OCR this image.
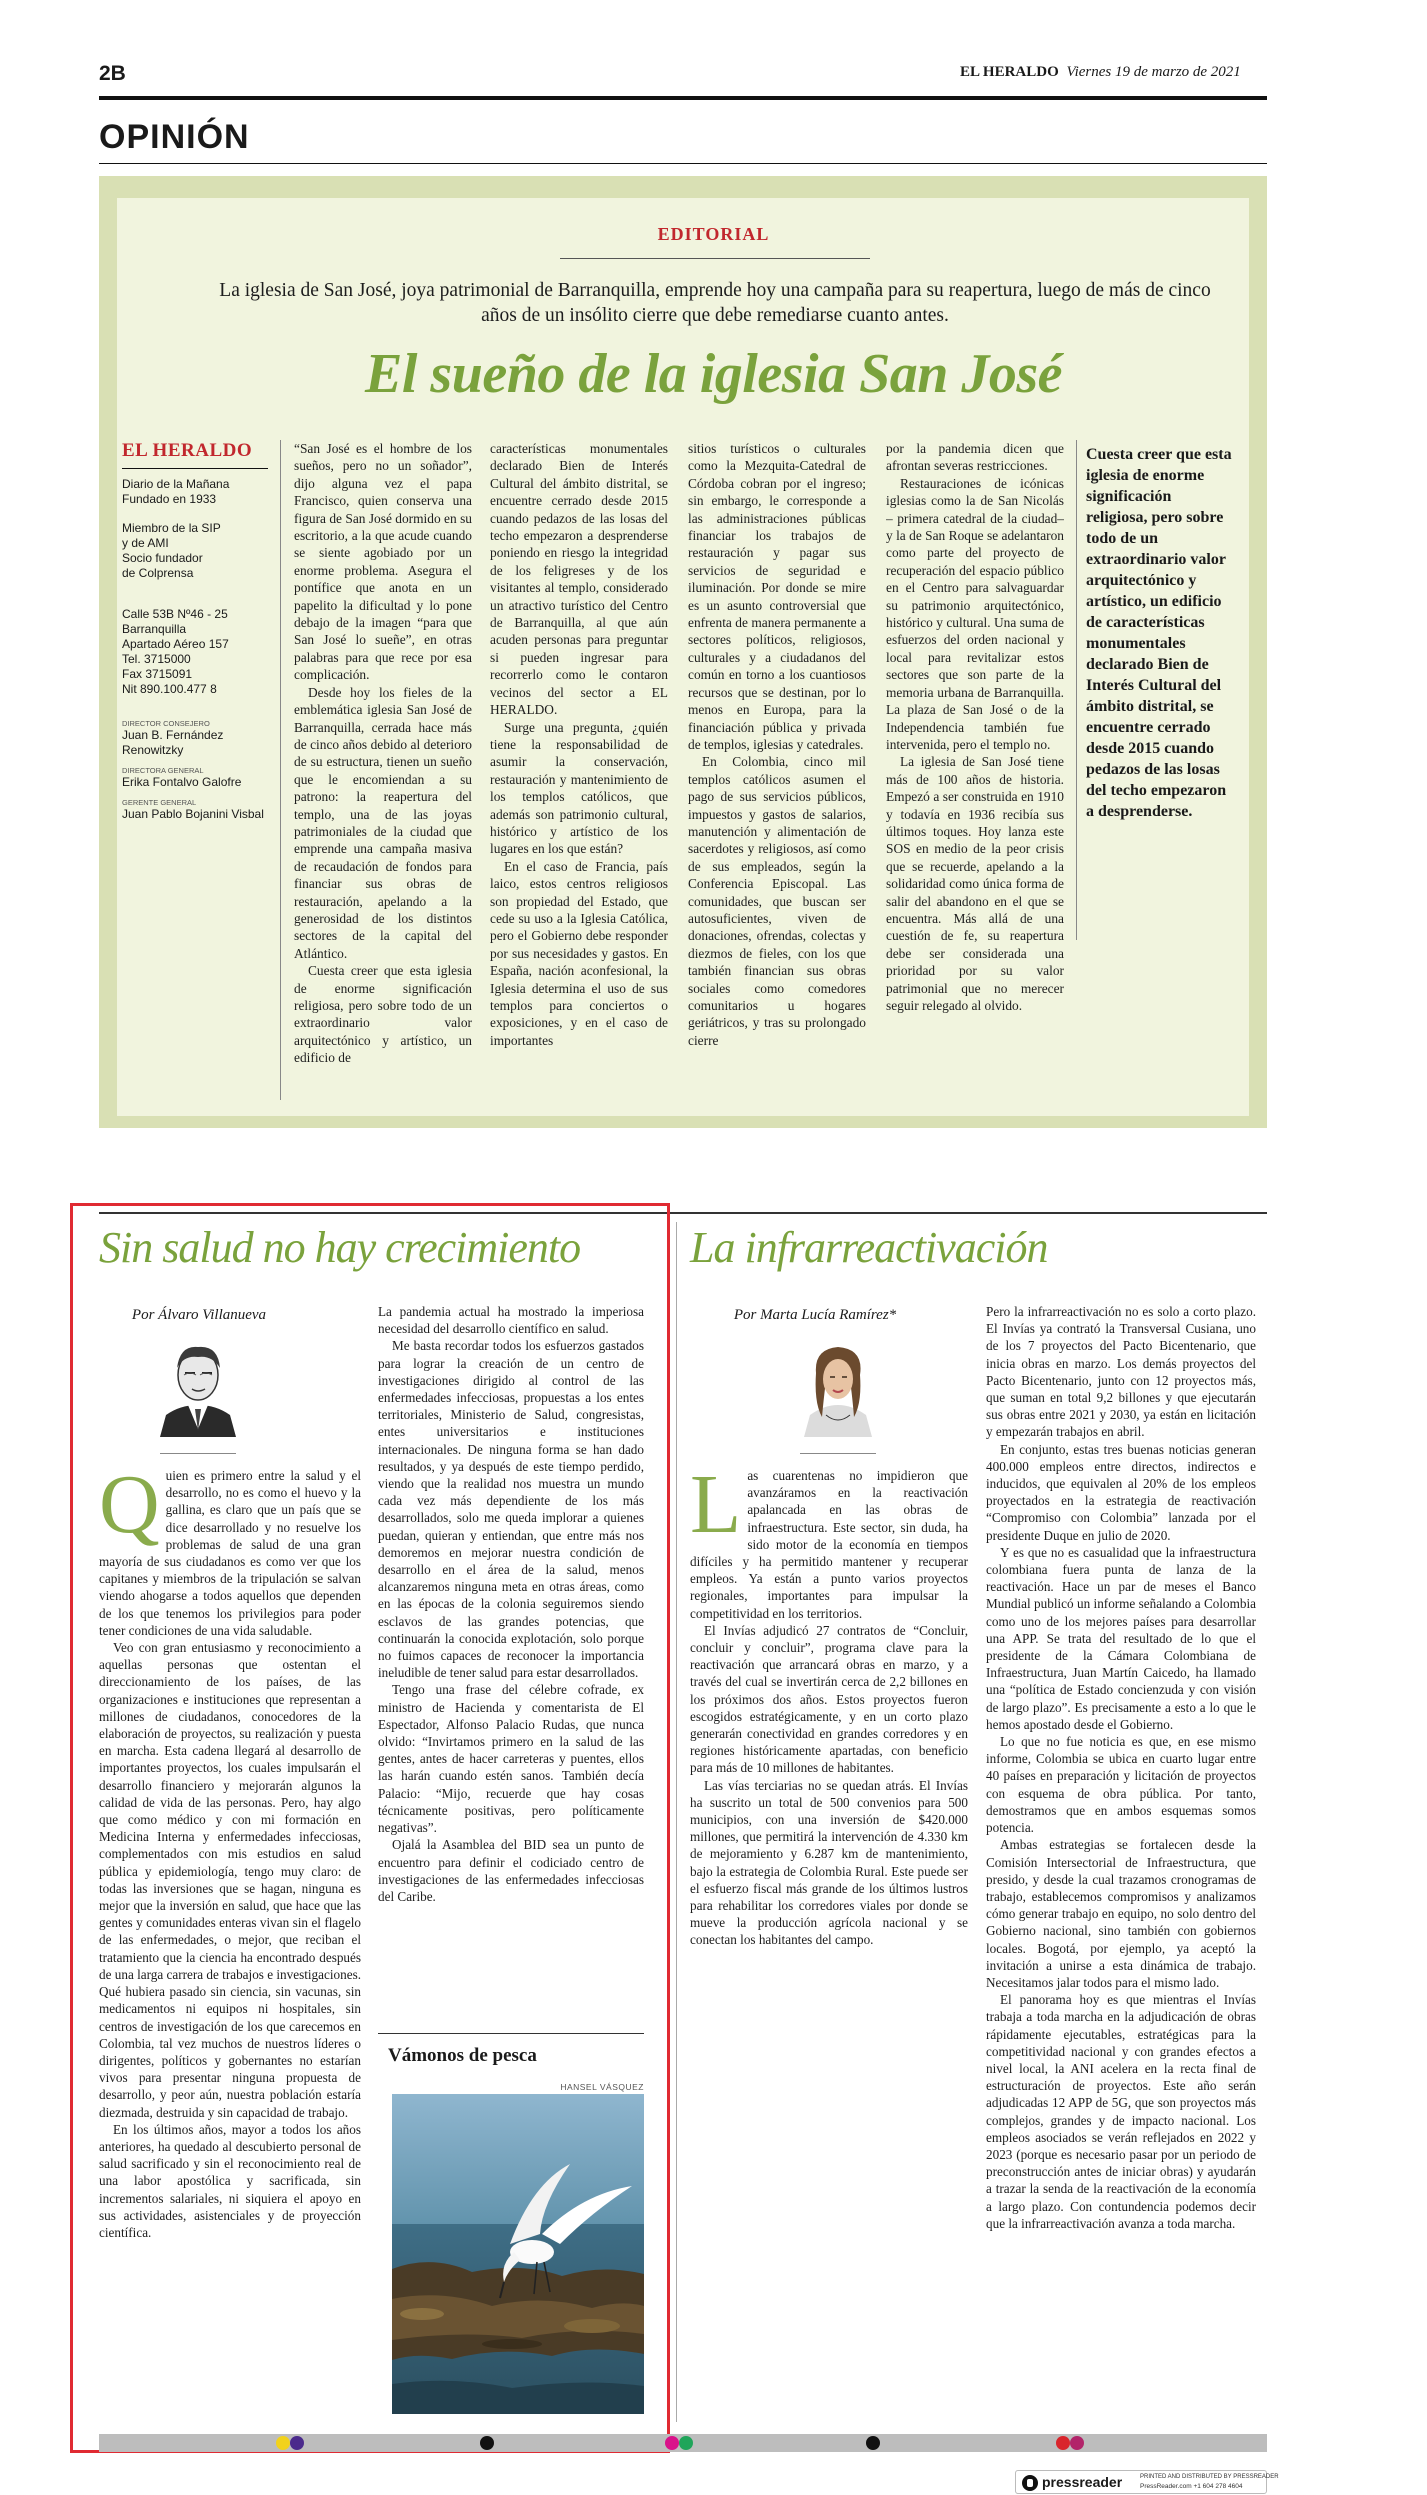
2B	EL HERALDO Viernes 19 de marzo de 2021
OPINIÓN
EDITORIAL
La iglesia de San José, joya patrimonial de Barranquilla, emprende hoy una campaña para su reapertura, luego de más de cinco años de un insólito cierre que debe remediarse cuanto antes.
El sueño de la iglesia San José
EL HERALDO
Diario de la Mañana
Fundado en 1933
Miembro de la SIP
y de AMI
Socio fundador
de Colprensa
Calle 53B Nº46 - 25
Barranquilla
Apartado Aéreo 157
Tel. 3715000
Fax 3715091
Nit 890.100.477 8
DIRECTOR CONSEJERO
Juan B. Fernández Renowitzky
DIRECTORA GENERAL
Erika Fontalvo Galofre
GERENTE GENERAL
Juan Pablo Bojanini Visbal

“San José es el hombre de los sueños, pero no un soñador”, dijo alguna vez el papa Francisco, quien conserva una figura de San José dormido en su escritorio, a la que acude cuando se siente agobiado por un enorme problema. Asegura el pontífice que anota en un papelito la dificultad y lo pone debajo de la imagen “para que San José lo sueñe”, en otras palabras para que rece por esa complicación.

Desde hoy los fieles de la emblemática iglesia San José de Barranquilla, cerrada hace más de cinco años debido al deterioro de su estructura, tienen un sueño que le encomiendan a su patrono: la reapertura del templo, una de las joyas patrimoniales de la ciudad que emprende una campaña masiva de recaudación de fondos para financiar sus obras de restauración, apelando a la generosidad de los distintos sectores de la capital del Atlántico.

Cuesta creer que esta iglesia de enorme significación religiosa, pero sobre todo de un extraordinario valor arquitectónico y artístico, un edificio de

características monumentales declarado Bien de Interés Cultural del ámbito distrital, se encuentre cerrado desde 2015 cuando pedazos de las losas del techo empezaron a desprenderse poniendo en riesgo la integridad de los feligreses y de los visitantes al templo, considerado un atractivo turístico del Centro de Barranquilla, al que aún acuden personas para preguntar si pueden ingresar para recorrerlo como le contaron vecinos del sector a EL HERALDO.

Surge una pregunta, ¿quién tiene la responsabilidad de asumir la conservación, restauración y mantenimiento de los templos católicos, que además son patrimonio cultural, histórico y artístico de los lugares en los que están?

En el caso de Francia, país laico, estos centros religiosos son propiedad del Estado, que cede su uso a la Iglesia Católica, pero el Gobierno debe responder por sus necesidades y gastos. En España, nación aconfesional, la Iglesia determina el uso de sus templos para conciertos o exposiciones, y en el caso de importantes

sitios turísticos o culturales como la Mezquita-Catedral de Córdoba cobran por el ingreso; sin embargo, le corresponde a las administraciones públicas financiar los trabajos de restauración y pagar sus servicios de seguridad e iluminación. Por donde se mire es un asunto controversial que enfrenta de manera permanente a sectores políticos, religiosos, culturales y a ciudadanos del común en torno a los cuantiosos recursos que se destinan, por lo menos en Europa, para la financiación pública y privada de templos, iglesias y catedrales.

En Colombia, cinco mil templos católicos asumen el pago de sus servicios públicos, impuestos y gastos de salarios, manutención y alimentación de sacerdotes y religiosos, así como de sus empleados, según la Conferencia Episcopal. Las comunidades, que buscan ser autosuficientes, viven de donaciones, ofrendas, colectas y diezmos de fieles, con los que también financian sus obras sociales como comedores comunitarios u hogares geriátricos, y tras su prolongado cierre

por la pandemia dicen que afrontan severas restricciones.

Restauraciones de icónicas iglesias como la de San Nicolás – primera catedral de la ciudad– y la de San Roque se adelantaron como parte del proyecto de recuperación del espacio público en el Centro para salvaguardar su patrimonio arquitectónico, histórico y cultural. Una suma de esfuerzos del orden nacional y local para revitalizar estos sectores que son parte de la memoria urbana de Barranquilla. La plaza de San José o de la Independencia también fue intervenida, pero el templo no.

La iglesia de San José tiene más de 100 años de historia. Empezó a ser construida en 1910 y todavía en 1936 recibía sus últimos toques. Hoy lanza este SOS en medio de la peor crisis que se recuerde, apelando a la solidaridad como única forma de salir del abandono en el que se encuentra. Más allá de una cuestión de fe, su reapertura debe ser considerada una prioridad por su valor patrimonial que no merecer seguir relegado al olvido.

Cuesta creer que esta iglesia de enorme significación religiosa, pero sobre todo de un extraordinario valor arquitectónico y artístico, un edificio de características monumentales declarado Bien de Interés Cultural del ámbito distrital, se encuentre cerrado desde 2015 cuando pedazos de las losas del techo empezaron a desprenderse.
Sin salud no hay crecimiento
Por Álvaro Villanueva

Quien es primero entre la salud y el desarrollo, no es como el huevo y la gallina, es claro que un país que se dice desarrollado y no resuelve los problemas de salud de una gran mayoría de sus ciudadanos es como ver que los capitanes y miembros de la tripulación se salvan viendo ahogarse a todos aquellos que dependen de los que tenemos los privilegios para poder tener condiciones de una vida saludable.

Veo con gran entusiasmo y reconocimiento a aquellas personas que ostentan el direccionamiento de los países, de las organizaciones e instituciones que representan a millones de ciudadanos, conocedores de la elaboración de proyectos, su realización y puesta en marcha. Esta cadena llegará al desarrollo de importantes proyectos, los cuales impulsarán el desarrollo financiero y mejorarán algunos la calidad de vida de las personas. Pero, hay algo que como médico y con mi formación en Medicina Interna y enfermedades infecciosas, complementados con mis estudios en salud pública y epidemiología, tengo muy claro: de todas las inversiones que se hagan, ninguna es mejor que la inversión en salud, que hace que las gentes y comunidades enteras vivan sin el flagelo de las enfermedades, o mejor, que reciban el tratamiento que la ciencia ha encontrado después de una larga carrera de trabajos e investigaciones. Qué hubiera pasado sin ciencia, sin vacunas, sin medicamentos ni equipos ni hospitales, sin centros de investigación de los que carecemos en Colombia, tal vez muchos de nuestros líderes o dirigentes, políticos y gobernantes no estarían vivos para presentar ninguna propuesta de desarrollo, y peor aún, nuestra población estaría diezmada, destruida y sin capacidad de trabajo.

En los últimos años, mayor a todos los años anteriores, ha quedado al descubierto personal de salud sacrificado y sin el reconocimiento real de una labor apostólica y sacrificada, sin incrementos salariales, ni siquiera el apoyo en sus actividades, asistenciales y de proyección científica.

La pandemia actual ha mostrado la imperiosa necesidad del desarrollo científico en salud.

Me basta recordar todos los esfuerzos gastados para lograr la creación de un centro de investigaciones dirigido al control de las enfermedades infecciosas, propuestas a los entes territoriales, Ministerio de Salud, congresistas, entes universitarios e instituciones internacionales. De ninguna forma se han dado resultados, y ya después de este tiempo perdido, viendo que la realidad nos muestra un mundo cada vez más dependiente de los más desarrollados, solo me queda implorar a quienes puedan, quieran y entiendan, que entre más nos demoremos en mejorar nuestra condición de desarrollo en el área de la salud, menos alcanzaremos ninguna meta en otras áreas, como en las épocas de la colonia seguiremos siendo esclavos de las grandes potencias, que continuarán la conocida explotación, solo porque no fuimos capaces de reconocer la importancia ineludible de tener salud para estar desarrollados.

Tengo una frase del célebre cofrade, ex ministro de Hacienda y comentarista de El Espectador, Alfonso Palacio Rudas, que nunca olvido: “Invirtamos primero en la salud de las gentes, antes de hacer carreteras y puentes, ellos las harán cuando estén sanos. También decía Palacio: “Mijo, recuerde que hay cosas técnicamente positivas, pero políticamente negativas”.

Ojalá la Asamblea del BID sea un punto de encuentro para definir el codiciado centro de investigaciones de las enfermedades infecciosas del Caribe.

Vámonos de pesca
HANSEL VÁSQUEZ
La infrarreactivación
Por Marta Lucía Ramírez*

Las cuarentenas no impidieron que avanzáramos en la reactivación apalancada en las obras de infraestructura. Este sector, sin duda, ha sido motor de la economía en tiempos difíciles y ha permitido mantener y recuperar empleos. Ya están a punto varios proyectos regionales, importantes para impulsar la competitividad en los territorios.

El Invías adjudicó 27 contratos de “Concluir, concluir y concluir”, programa clave para la reactivación que arrancará obras en marzo, y a través del cual se invertirán cerca de 2,2 billones en los próximos dos años. Estos proyectos fueron escogidos estratégicamente, y en un corto plazo generarán conectividad en grandes corredores y en regiones históricamente apartadas, con beneficio para más de 10 millones de habitantes.

Las vías terciarias no se quedan atrás. El Invías ha suscrito un total de 500 convenios para 500 municipios, con una inversión de $420.000 millones, que permitirá la intervención de 4.330 km de mejoramiento y 6.287 km de mantenimiento, bajo la estrategia de Colombia Rural. Este puede ser el esfuerzo fiscal más grande de los últimos lustros para rehabilitar los corredores viales por donde se mueve la producción agrícola nacional y se conectan los habitantes del campo.

Pero la infrarreactivación no es solo a corto plazo. El Invías ya contrató la Transversal Cusiana, uno de los 7 proyectos del Pacto Bicentenario, que inicia obras en marzo. Los demás proyectos del Pacto Bicentenario, junto con 12 proyectos más, que suman en total 9,2 billones y que ejecutarán sus obras entre 2021 y 2030, ya están en licitación y empezarán trabajos en abril.

En conjunto, estas tres buenas noticias generan 400.000 empleos entre directos, indirectos e inducidos, que equivalen al 20% de los empleos proyectados en la estrategia de reactivación “Compromiso con Colombia” lanzada por el presidente Duque en julio de 2020.

Y es que no es casualidad que la infraestructura colombiana fuera punta de lanza de la reactivación. Hace un par de meses el Banco Mundial publicó un informe señalando a Colombia como uno de los mejores países para desarrollar una APP. Se trata del resultado de lo que el presidente de la Cámara Colombiana de Infraestructura, Juan Martín Caicedo, ha llamado una “política de Estado concienzuda y con visión de largo plazo”. Es precisamente a esto a lo que le hemos apostado desde el Gobierno.

Lo que no fue noticia es que, en ese mismo informe, Colombia se ubica en cuarto lugar entre 40 países en preparación y licitación de proyectos con esquema de obra pública. Por tanto, demostramos que en ambos esquemas somos potencia.

Ambas estrategias se fortalecen desde la Comisión Intersectorial de Infraestructura, que presido, y desde la cual trazamos cronogramas de trabajo, establecemos compromisos y analizamos cómo generar trabajo en equipo, no solo dentro del Gobierno nacional, sino también con gobiernos locales. Bogotá, por ejemplo, ya aceptó la invitación a unirse a esta dinámica de trabajo. Necesitamos jalar todos para el mismo lado.

El panorama hoy es que mientras el Invías trabaja a toda marcha en la adjudicación de obras rápidamente ejecutables, estratégicas para la competitividad nacional y con grandes efectos a nivel local, la ANI acelera en la recta final de estructuración de proyectos. Este año serán adjudicadas 12 APP de 5G, que son proyectos más complejos, grandes y de impacto nacional. Los empleos asociados se verán reflejados en 2022 y 2023 (porque es necesario pasar por un periodo de preconstrucción antes de iniciar obras) y ayudarán a trazar la senda de la reactivación de la economía a largo plazo. Con contundencia podemos decir que la infrarreactivación avanza a toda marcha.

pressreader	PRINTED AND DISTRIBUTED BY PRESSREADER
PressReader.com +1 604 278 4604
